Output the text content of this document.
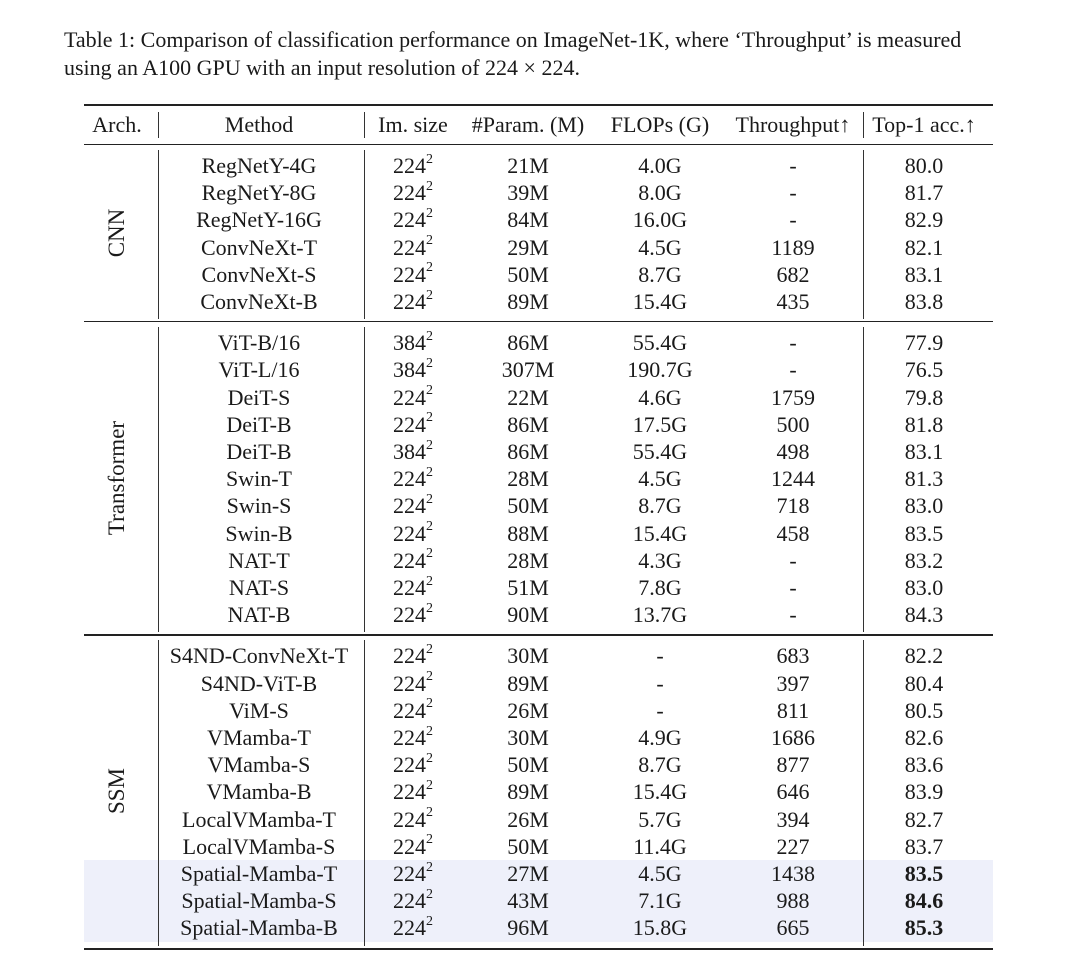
Table 1: Comparison of classification performance on ImageNet-1K, where ‘Throughput’ is measured
using an A100 GPU with an input resolution of 224 × 224.
Arch.	Method	Im. size	#Param. (M)	FLOPs (G)	Throughput↑ Top-1 acc.↑
RegNetY-4G	$224^2$	21M	4.0G	-	80.0
RegNetY-8G	$224^2$	39M	8.0G	-	81.7
RegNetY-16G	$224^2$	84M	16.0G	-	82.9
ConvNeXt-T	$224^2$	29M	4.5G	1189	82.1
ConvNeXt-S	$224^2$	50M	8.7G	682	83.1
ConvNeXt-B	$224^2$	89M	15.4G	435	83.8
CNN
ViT-B/16	$384^2$	86M	55.4G	-	77.9
ViT-L/16	$384^2$	307M	190.7G	-	76.5
DeiT-S	$224^2$	22M	4.6G	1759	79.8
DeiT-B	$224^2$	86M	17.5G	500	81.8
DeiT-B	$384^2$	86M	55.4G	498	83.1
Swin-T	$224^2$	28M	4.5G	1244	81.3
Swin-S	$224^2$	50M	8.7G	718	83.0
Swin-B	$224^2$	88M	15.4G	458	83.5
NAT-T	$224^2$	28M	4.3G	-	83.2
NAT-S	$224^2$	51M	7.8G	-	83.0
NAT-B	$224^2$	90M	13.7G	-	84.3
Transformer
S4ND-ConvNeXt-T	$224^2$	30M	-	683	82.2
S4ND-ViT-B	$224^2$	89M	-	397	80.4
ViM-S	$224^2$	26M	-	811	80.5
VMamba-T	$224^2$	30M	4.9G	1686	82.6
VMamba-S	$224^2$	50M	8.7G	877	83.6
VMamba-B	$224^2$	89M	15.4G	646	83.9
LocalVMamba-T	$224^2$	26M	5.7G	394	82.7
LocalVMamba-S	$224^2$	50M	11.4G	227	83.7
Spatial-Mamba-T	$224^2$	27M	4.5G	1438	83.5
Spatial-Mamba-S	$224^2$	43M	7.1G	988	84.6
Spatial-Mamba-B	$224^2$	96M	15.8G	665	85.3
SSM
